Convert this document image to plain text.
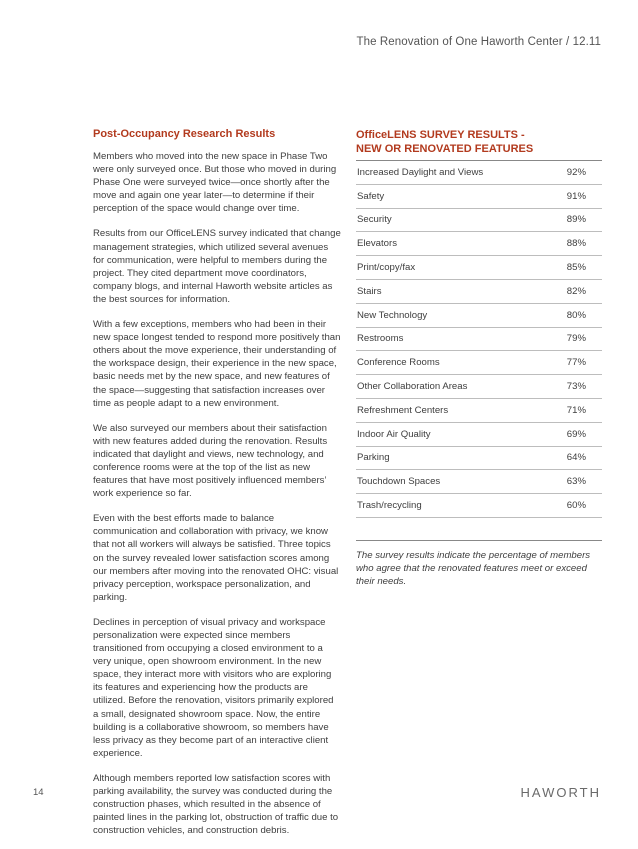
The Renovation of One Haworth Center / 12.11
Post-Occupancy Research Results

Members who moved into the new space in Phase Two were only surveyed once. But those who moved in during Phase One were surveyed twice—once shortly after the move and again one year later—to determine if their perception of the space would change over time.

Results from our OfficeLENS survey indicated that change management strategies, which utilized several avenues for communication, were helpful to members during the project. They cited department move coordinators, company blogs, and internal Haworth website articles as the best sources for information.

With a few exceptions, members who had been in their new space longest tended to respond more positively than others about the move experience, their understanding of the workspace design, their experience in the new space, basic needs met by the new space, and new features of the space—suggesting that satisfaction increases over time as people adapt to a new environment.

We also surveyed our members about their satisfaction with new features added during the renovation. Results indicated that daylight and views, new technology, and conference rooms were at the top of the list as new features that have most positively influenced members’ work experience so far.

Even with the best efforts made to balance communication and collaboration with privacy, we know that not all workers will always be satisfied. Three topics on the survey revealed lower satisfaction scores among our members after moving into the renovated OHC: visual privacy perception, workspace personalization, and parking.

Declines in perception of visual privacy and workspace personalization were expected since members transitioned from occupying a closed environment to a very unique, open showroom environment. In the new space, they interact more with visitors who are exploring its features and experiencing how the products are utilized. Before the renovation, visitors primarily explored a small, designated showroom space. Now, the entire building is a collaborative showroom, so members have less privacy as they become part of an interactive client experience.

Although members reported low satisfaction scores with parking availability, the survey was conducted during the construction phases, which resulted in the absence of painted lines in the parking lot, obstruction of traffic due to construction vehicles, and construction debris.

OfficeLENS SURVEY RESULTS -
NEW OR RENOVATED FEATURES
Increased Daylight and Views	92%
Safety	91%
Security	89%
Elevators	88%
Print/copy/fax	85%
Stairs	82%
New Technology	80%
Restrooms	79%
Conference Rooms	77%
Other Collaboration Areas	73%
Refreshment Centers	71%
Indoor Air Quality	69%
Parking	64%
Touchdown Spaces	63%
Trash/recycling	60%
The survey results indicate the percentage of members who agree that the renovated features meet or exceed their needs.
14	HAWORTH
